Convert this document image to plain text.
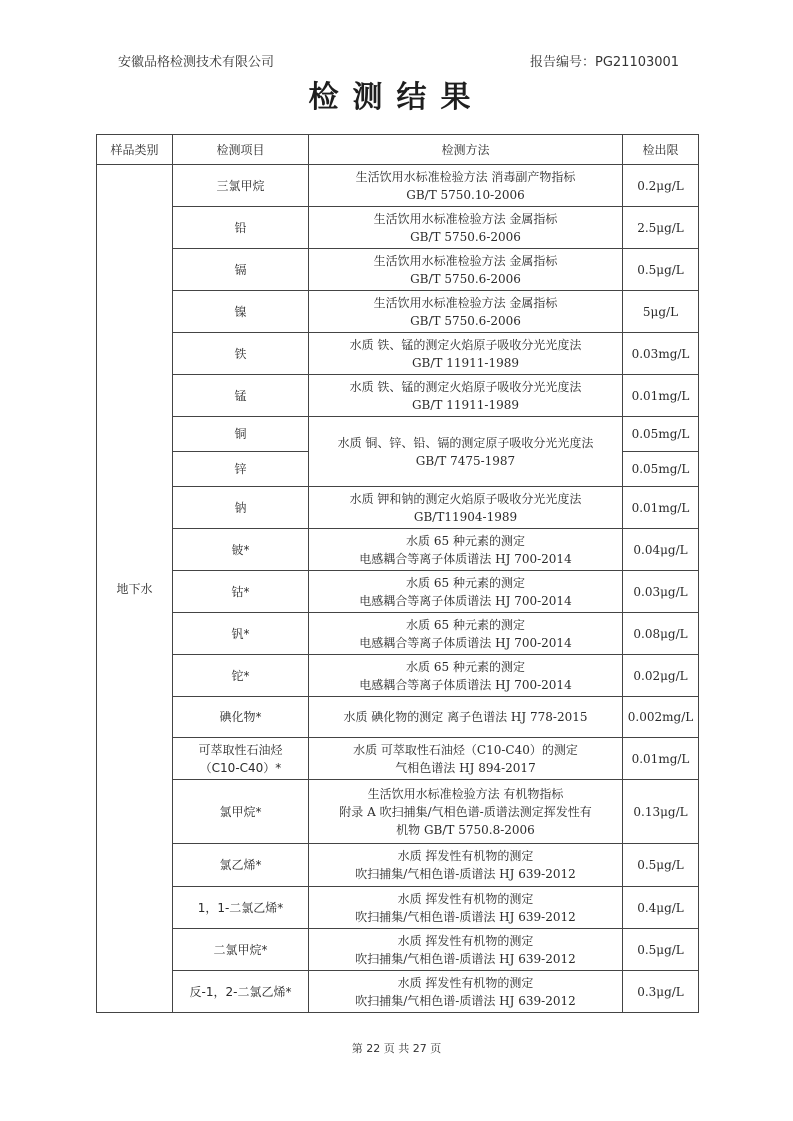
安徽品格检测技术有限公司	报告编号：PG21103001
检测结果
样品类别	检测项目	检测方法	检出限
地下水	三氯甲烷	生活饮用水标准检验方法 消毒副产物指标
GB/T 5750.10-2006	0.2μg/L

	铅	生活饮用水标准检验方法 金属指标
GB/T 5750.6-2006	2.5μg/L

	镉	生活饮用水标准检验方法 金属指标
GB/T 5750.6-2006	0.5μg/L

	镍	生活饮用水标准检验方法 金属指标
GB/T 5750.6-2006	5μg/L

	铁	水质 铁、锰的测定火焰原子吸收分光光度法
GB/T 11911-1989	0.03mg/L

	锰	水质 铁、锰的测定火焰原子吸收分光光度法
GB/T 11911-1989	0.01mg/L

	铜	水质 铜、锌、铅、镉的测定原子吸收分光光度法
GB/T 7475-1987	0.05mg/L

	锌		0.05mg/L

	钠	水质 钾和钠的测定火焰原子吸收分光光度法
GB/T11904-1989	0.01mg/L

	铍*	水质 65 种元素的测定
电感耦合等离子体质谱法 HJ 700-2014	0.04μg/L

	钴*	水质 65 种元素的测定
电感耦合等离子体质谱法 HJ 700-2014	0.03μg/L

	钒*	水质 65 种元素的测定
电感耦合等离子体质谱法 HJ 700-2014	0.08μg/L

	铊*	水质 65 种元素的测定
电感耦合等离子体质谱法 HJ 700-2014	0.02μg/L

	碘化物*	水质 碘化物的测定 离子色谱法 HJ 778-2015	0.002mg/L

	可萃取性石油烃
（C10-C40）*	水质 可萃取性石油烃（C10-C40）的测定
气相色谱法 HJ 894-2017	0.01mg/L

	氯甲烷*	生活饮用水标准检验方法 有机物指标
附录 A 吹扫捕集/气相色谱-质谱法测定挥发性有
机物 GB/T 5750.8-2006	0.13μg/L

	氯乙烯*	水质 挥发性有机物的测定
吹扫捕集/气相色谱-质谱法 HJ 639-2012	0.5μg/L

	1，1-二氯乙烯*	水质 挥发性有机物的测定
吹扫捕集/气相色谱-质谱法 HJ 639-2012	0.4μg/L

	二氯甲烷*	水质 挥发性有机物的测定
吹扫捕集/气相色谱-质谱法 HJ 639-2012	0.5μg/L

	反-1，2-二氯乙烯*	水质 挥发性有机物的测定
吹扫捕集/气相色谱-质谱法 HJ 639-2012	0.3μg/L
第 22 页 共 27 页
